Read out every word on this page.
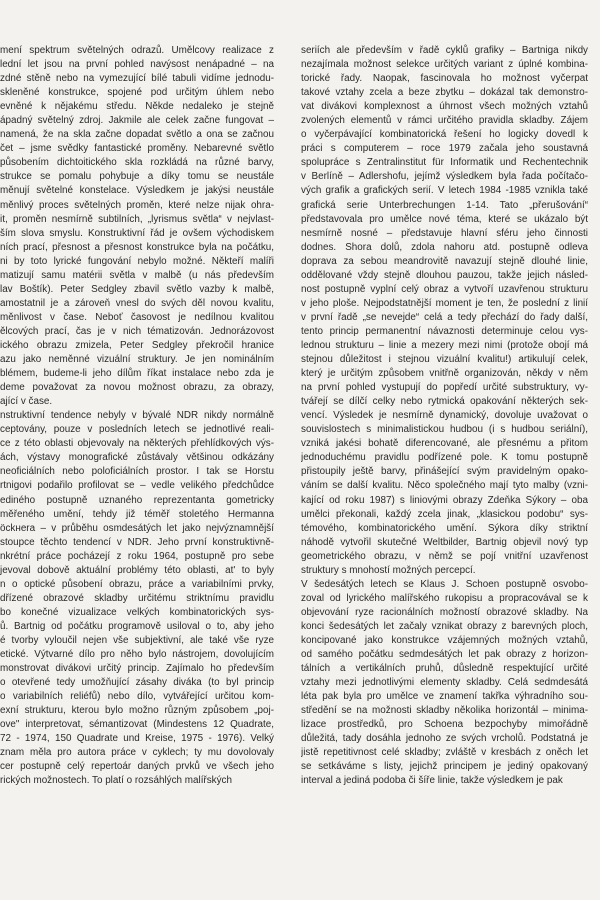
mení spektrum světelných odrazů. Umělcovy realizace z
lední let jsou na první pohled navýsost nenápadné – na
zdné stěně nebo na vymezující bílé tabuli vidíme jednodu-
skleněné konstrukce, spojené pod určitým úhlem nebo
evněné k nějakému středu. Někde nedaleko je stejně
ápadný světelný zdroj. Jakmile ale celek začne fungovat –
namená, že na skla začne dopadat světlo a ona se začnou
čet – jsme svědky fantastické proměny. Nebarevné světlo
působením dichtoitického skla rozkládá na různé barvy,
strukce se pomalu pohybuje a díky tomu se neustále
měnují světelné konstelace. Výsledkem je jakýsi neustále
měnlivý proces světelných proměn, které nelze nijak ohra-
it, proměn nesmírně subtilních, „lyrismus světla“ v nejvlast-
ším slova smyslu. Konstruktivní řád je ovšem východiskem
ních prací, přesnost a přesnost konstrukce byla na počátku,
ni by toto lyrické fungování nebylo možné. Někteří malíři
matizují samu matérii světla v malbě (u nás především
lav Boštík). Peter Sedgley zbavil světlo vazby k malbě,
amostatnil je a zároveň vnesl do svých děl novou kvalitu,
měnlivost v čase. Neboť časovost je nedílnou kvalitou
ělcových prací, čas je v nich tématizován. Jednorázovost
ického obrazu zmizela, Peter Sedgley překročil hranice
azu jako neměnné vizuální struktury. Je jen nominálním
blémem, budeme-li jeho dílům říkat instalace nebo zda je
deme považovat za novou možnost obrazu, za obrazy,
ající v čase.

nstruktivní tendence nebyly v bývalé NDR nikdy normálně
ceptovány, pouze v posledních letech se jednotlivé reali-
ce z této oblasti objevovaly na některých přehlídkových výs-
ách, výstavy monografické zůstávaly většinou odkázány
neoficiálních nebo poloficiálních prostor. I tak se Horstu
rtnigovi podařilo profilovat se – vedle velikého předchůdce
ediného postupně uznaného reprezentanta gometricky
měřeného umění, tehdy již téměř stoletého Hermanna
öckнera – v průběhu osmdesátých let jako nejvýznamnější
stoupce těchto tendencí v NDR. Jeho první konstruktivně-
nkrétní práce pocházejí z roku 1964, postupně pro sebe
jevoval dobově aktuální problémy této oblasti, at' to byly
n o optické působení obrazu, práce a variabilními prvky,
dřízené obrazové skladby určitému striktnímu pravidlu
bo konečné vizualizace velkých kombinatorických sys-
ů. Bartnig od počátku programově usiloval o to, aby jeho
é tvorby vyloučil nejen vše subjektivní, ale také vše ryze
etické. Výtvarné dílo pro něho bylo nástrojem, dovolujícím
monstrovat divákovi určitý princip. Zajímalo ho především
o otevřené tedy umožňující zásahy diváka (to byl princip
o variabilních reliéfů) nebo dílo, vytvářející určitou kom-
exní strukturu, kterou bylo možno různým způsobem „poj-
ove" interpretovat, sémantizovat (Mindestens 12 Quadrate,
72 - 1974, 150 Quadrate und Kreise, 1975 - 1976). Velký
znam měla pro autora práce v cyklech; ty mu dovolovaly
cer postupně celý repertoár daných prvků ve všech jeho
rických možnostech. To platí o rozsáhlých malířských

seriích ale především v řadě cyklů grafiky – Bartniga nikdy
nezajímala možnost selekce určitých variant z úplné kombina-
torické řady. Naopak, fascinovala ho možnost vyčerpat
takové vztahy zcela a beze zbytku – dokázal tak demonstro-
vat divákovi komplexnost a úhrnost všech možných vztahů
zvolených elementů v rámci určitého pravidla skladby. Zájem
o vyčerpávající kombinatorická řešení ho logicky dovedl k
práci s computerem – roce 1979 začala jeho soustavná
spolupráce s Zentralinstitut für Informatik und Rechentechnik
v Berlíně – Adlershofu, jejímž výsledkem byla řada počítačo-
vých grafik a grafických serií. V letech 1984 -1985 vznikla také
grafická serie Unterbrechungen 1-14. Tato „přerušování“
představovala pro umělce nové téma, které se ukázalo být
nesmírně nosné – představuje hlavní sféru jeho činnosti
dodnes. Shora dolů, zdola nahoru atd. postupně odleva
doprava za sebou meandrovitě navazují stejně dlouhé linie,
oddělované vždy stejně dlouhou pauzou, takže jejich násled-
nost postupně vyplní celý obraz a vytvoří uzavřenou strukturu
v jeho ploše. Nejpodstatnější moment je ten, že poslední z linií
v první řadě „se nevejde“ celá a tedy přechází do řady další,
tento princip permanentní návaznosti determinuje celou vys-
lednou strukturu – linie a mezery mezi nimi (protože obojí má
stejnou důležitost i stejnou vizuální kvalitu!) artikulují celek,
který je určitým způsobem vnitřně organizován, někdy v něm
na první pohled vystupují do popředí určité substruktury, vy-
tvářejí se dílčí celky nebo rytmická opakování některých sek-
vencí. Výsledek je nesmírně dynamický, dovoluje uvažovat o
souvislostech s minimalistickou hudbou (i s hudbou seriální),
vzniká jakési bohatě diferencované, ale přesnému a přitom
jednoduchému pravidlu podřízené pole. K tomu postupně
přistoupily ještě barvy, přinášející svým pravidelným opako-
váním se další kvalitu. Něco společného mají tyto malby (vzni-
kající od roku 1987) s liniovými obrazy Zdeňka Sýkory – oba
umělci překonali, každý zcela jinak, „klasickou podobu“ sys-
témového, kombinatorického umění. Sýkora díky striktní
náhodě vytvořil skutečné Weltbilder, Bartnig objevil nový typ
geometrického obrazu, v němž se pojí vnitřní uzavřenost
struktury s mnohostí možných percepcí.

V šedesátých letech se Klaus J. Schoen postupně osvobo-
zoval od lyrického malířského rukopisu a propracovával se k
objevování ryze racionálních možností obrazové skladby. Na
konci šedesátých let začaly vznikat obrazy z barevných ploch,
koncipované jako konstrukce vzájemných možných vztahů,
od samého počátku sedmdesátých let pak obrazy z horizon-
tálních a vertikálních pruhů, důsledně respektující určité
vztahy mezi jednotlivými elementy skladby. Celá sedmdesátá
léta pak byla pro umělce ve znamení takřka výhradního sou-
středění se na možnosti skladby několika horizontál – minima-
lizace prostředků, pro Schoena bezpochyby mimořádně
důležitá, tady dosáhla jednoho ze svých vrcholů. Podstatná je
jistě repetitivnost celé skladby; zvláště v kresbách z oněch let
se setkáváme s listy, jejichž principem je jediný opakovaný
interval a jediná podoba či šíře linie, takže výsledkem je pak
